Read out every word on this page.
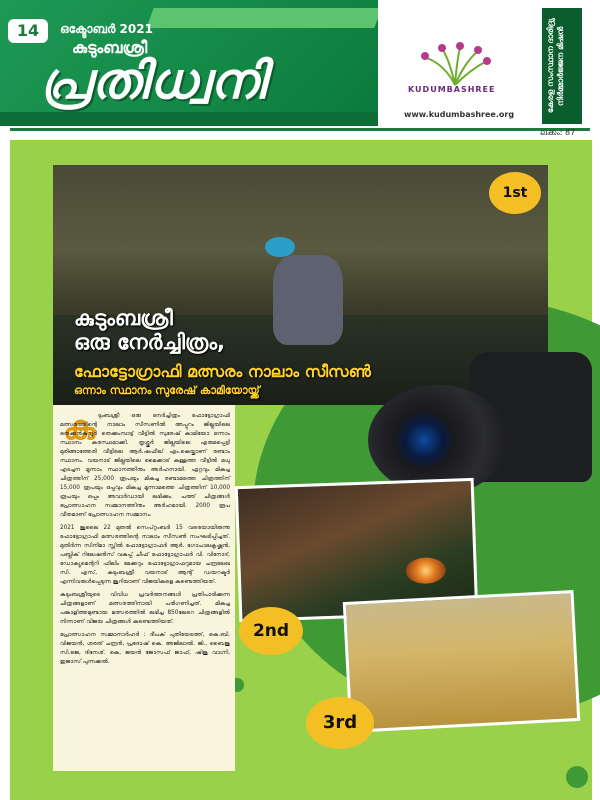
14	ഒക്ടോബർ 2021
കുടുംബശ്രീ
പ്രതിധ്വനി	KUDUMBASHREE
www.kudumbashree.org
കേരള സംസ്ഥാന ദാരിദ്ര്യ നിർമ്മാർജ്ജന മിഷൻ
ലക്കം: 87
1st
കുടുംബശ്രീ
ഒരു നേർച്ചിത്രം,
ഫോട്ടോഗ്രാഫി മത്സരം നാലാം സീസൺ
ഒന്നാം സ്ഥാനം സുരേഷ് കാമിയോയ്ക്ക്
കു ടുംബശ്രീ ഒരു നേർച്ചിത്രം ഫോട്ടോഗ്രാഫി മത്സരത്തിന്റെ നാലാം സീസണിൽ അപ്പുറം ജില്ലയിലെ തെക്കൻകുറ്റൂർ തെക്കുംമ്പാട്ട് വീട്ടിൽ സുരേഷ് കാമിയോ ഒന്നാം സ്ഥാനം കരസ്ഥമാക്കി. തൃശ്ശൂർ ജില്ലയിലെ എരുമപ്പെട്ടി മുരിങ്ങാത്തേരി വീട്ടിലെ ആർ.ഷഫീഖ് എം.കെയ്ക്കാണ് രണ്ടാം സ്ഥാനം. വയനാട് ജില്ലയിലെ മൈക്കാട് കുള്ളത്ത വീട്ടിൽ മധു എടച്ചന മൂന്നാം സ്ഥാനത്തിനും അർഹനായി. ഏറ്റവും മികച്ച ചിത്രത്തിന് 25,000 രൂപയും മികച്ച രണ്ടാമത്തെ ചിത്രത്തിന് 15,000 രൂപയും ഒപ്പവും മികച്ച മൂന്നാമത്തെ ചിത്രത്തിന് 10,000 രൂപയും ഒപ്പം അവാർഡായി ലഭിക്കും. പത്ത് ചിത്രങ്ങൾ പ്രോത്സാഹന സമ്മാനത്തിനും അർഹമായി. 2000 രൂപ വീതമാണ് പ്രോത്സാഹന സമ്മാനം.

2021 ജൂലൈ 22 മുതൽ സെപ്റ്റംബർ 15 വരെയായിരുന്നു ഫോട്ടോഗ്രാഫി മത്സരത്തിന്റെ നാലാം സീസൺ സംഘടിപ്പിച്ചത്. മുതിർന്ന സിനിമാ സ്റ്റിൽ ഫോട്ടോഗ്രാഫർ ആർ. ഗോപാലകൃഷ്ണൻ, പബ്ലിക് റിലേഷൻസ് വകുപ്പ് ചീഫ് ഫോട്ടോഗ്രാഫർ വി. വിനോദ്, ഡോക്യുമെന്ററി ഫിലിം മേക്കറും ഫോട്ടോഗ്രാഫറുമായ ചന്ദ്രലേഖ സി. എസ്, കുടുംബശ്രീ വയനാട് ആന്റ് ഡയറക്ടർ എന്നിവരുൾപ്പെടുന്ന ജൂറിയാണ് വിജയികളെ കണ്ടെത്തിയത്.

കുടുംബശ്രീയുടെ വിവിധ പ്രവർത്തനങ്ങൾ പ്രതിപാദിക്കുന്ന ചിത്രങ്ങളാണ് മത്സരത്തിനായി പരിഗണിച്ചത്. മികച്ച പങ്കാളിത്തമുണ്ടായ മത്സരത്തിൽ ലഭിച്ച 850ലേറെ ചിത്രങ്ങളിൽ നിന്നാണ് വിജയ ചിത്രങ്ങൾ കണ്ടെത്തിയത്.

പ്രോത്സാഹന സമ്മാനാർഹർ : ദീപക് പുതിയേടത്ത്, കെ.ബി. വിജയൻ, ശരത് ചന്ദ്രൻ, പ്രദോഷ് കെ. അജിലാൽ. ജി., ബൈജു സി.ജെ, ദിനേശ്. കെ, ജയൻ ജോസഫ് ജാഫ്, ഷിജു വാഗ്നി, ഇജാസ് പുന്നക്കൽ.

2nd
3rd
